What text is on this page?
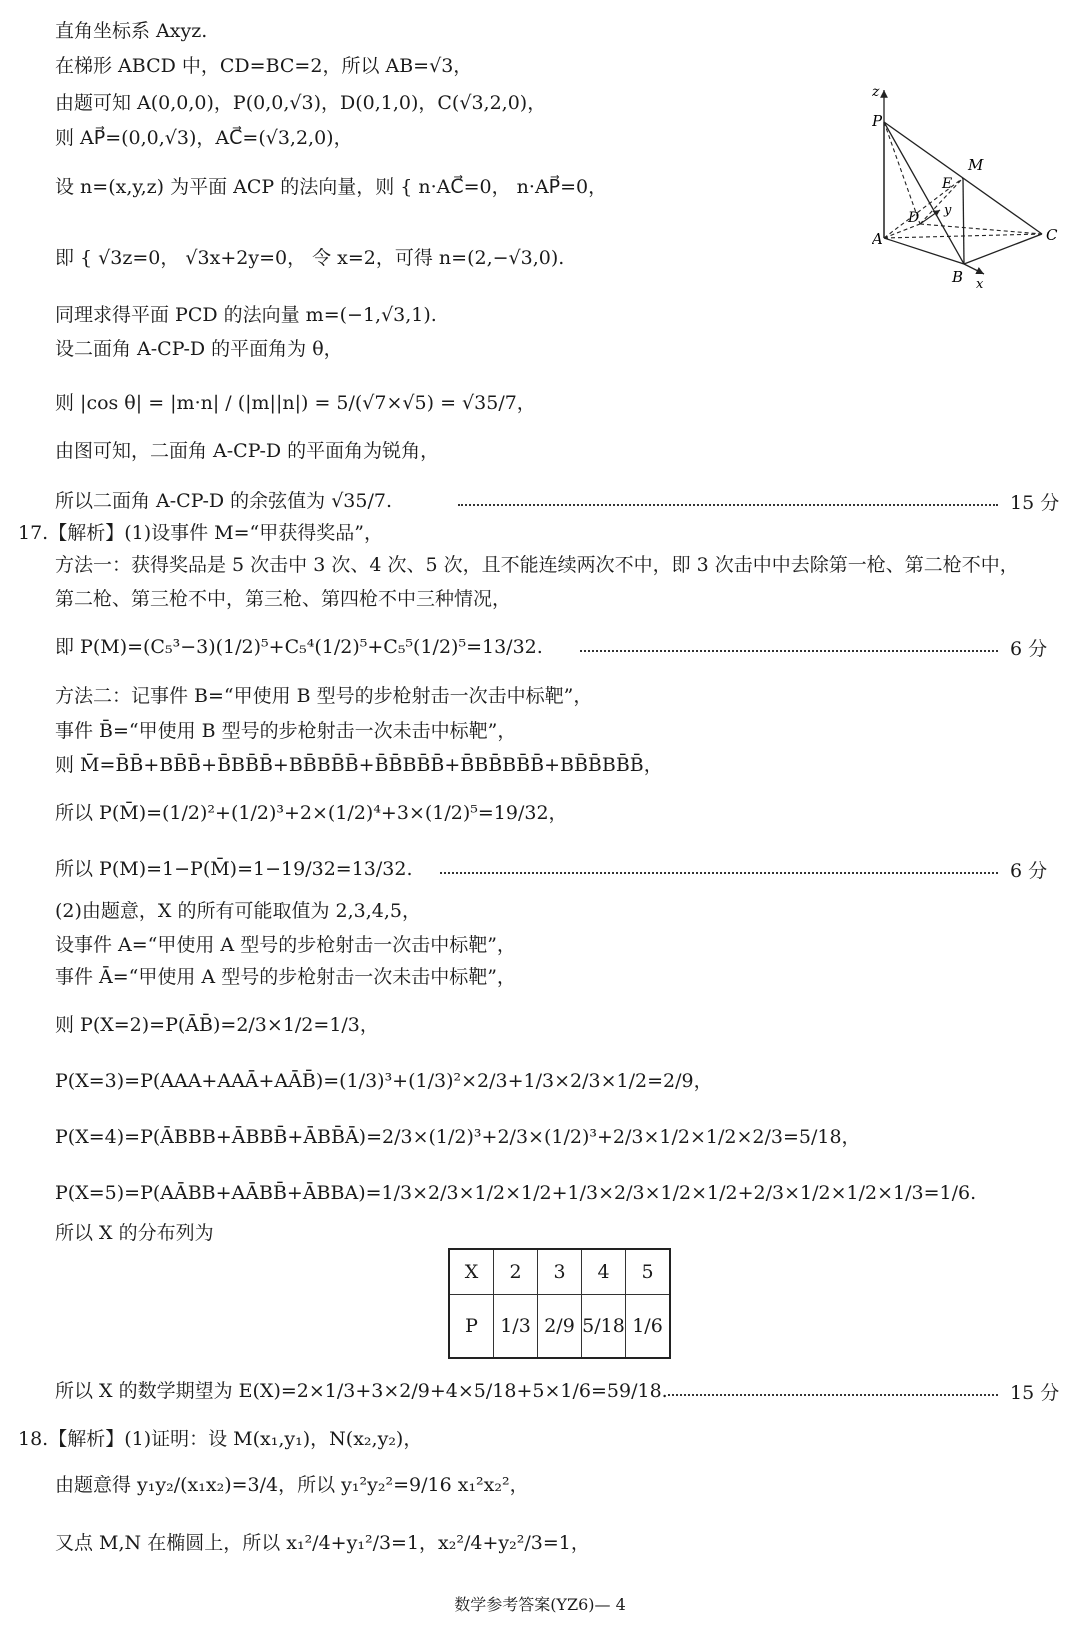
直角坐标系 Axyz.
在梯形 ABCD 中，CD=BC=2，所以 AB=√3，
由题可知 A(0,0,0)，P(0,0,√3)，D(0,1,0)，C(√3,2,0)，
则 AP⃗=(0,0,√3)，AC⃗=(√3,2,0)，
设 n=(x,y,z) 为平面 ACP 的法向量，则 { n·AC⃗=0， n·AP⃗=0，
即 { √3z=0， √3x+2y=0， 令 x=2，可得 n=(2,−√3,0).
同理求得平面 PCD 的法向量 m=(−1,√3,1).
设二面角 A-CP-D 的平面角为 θ，
则 |cos θ| = |m·n| / (|m||n|) = 5/(√7×√5) = √35/7，
由图可知，二面角 A-CP-D 的平面角为锐角，
所以二面角 A-CP-D 的余弦值为 √35/7.	15 分
z
P
M
E
D y
A	C
B x
17.【解析】(1)设事件 M=“甲获得奖品”，
方法一：获得奖品是 5 次击中 3 次、4 次、5 次，且不能连续两次不中，即 3 次击中中去除第一枪、第二枪不中，
第二枪、第三枪不中，第三枪、第四枪不中三种情况，
即 P(M)=(C₅³−3)(1/2)⁵+C₅⁴(1/2)⁵+C₅⁵(1/2)⁵=13/32.	6 分
方法二：记事件 B=“甲使用 B 型号的步枪射击一次击中标靶”，
事件 B̄=“甲使用 B 型号的步枪射击一次未击中标靶”，
则 M̄=B̄B̄+BB̄B̄+B̄BB̄B̄+BB̄BB̄B̄+B̄B̄BB̄B̄+B̄BB̄BB̄B̄+BB̄B̄BB̄B̄，
所以 P(M̄)=(1/2)²+(1/2)³+2×(1/2)⁴+3×(1/2)⁵=19/32，
所以 P(M)=1−P(M̄)=1−19/32=13/32.	6 分
(2)由题意，X 的所有可能取值为 2,3,4,5，
设事件 A=“甲使用 A 型号的步枪射击一次击中标靶”，
事件 Ā=“甲使用 A 型号的步枪射击一次未击中标靶”，
则 P(X=2)=P(ĀB̄)=2/3×1/2=1/3，
P(X=3)=P(AAA+AAĀ+AĀB̄)=(1/3)³+(1/3)²×2/3+1/3×2/3×1/2=2/9，
P(X=4)=P(ĀBBB+ĀBBB̄+ĀBB̄Ā)=2/3×(1/2)³+2/3×(1/2)³+2/3×1/2×1/2×2/3=5/18，
P(X=5)=P(AĀBB+AĀBB̄+ĀBBA)=1/3×2/3×1/2×1/2+1/3×2/3×1/2×1/2+2/3×1/2×1/2×1/3=1/6.
所以 X 的分布列为
X	2	3	4	5
P	1/3	2/9	5/18	1/6
所以 X 的数学期望为 E(X)=2×1/3+3×2/9+4×5/18+5×1/6=59/18.	15 分
18.【解析】(1)证明：设 M(x₁,y₁)，N(x₂,y₂)，
由题意得 y₁y₂/(x₁x₂)=3/4，所以 y₁²y₂²=9/16 x₁²x₂²，
又点 M,N 在椭圆上，所以 x₁²/4+y₁²/3=1，x₂²/4+y₂²/3=1，
数学参考答案(YZ6)— 4
